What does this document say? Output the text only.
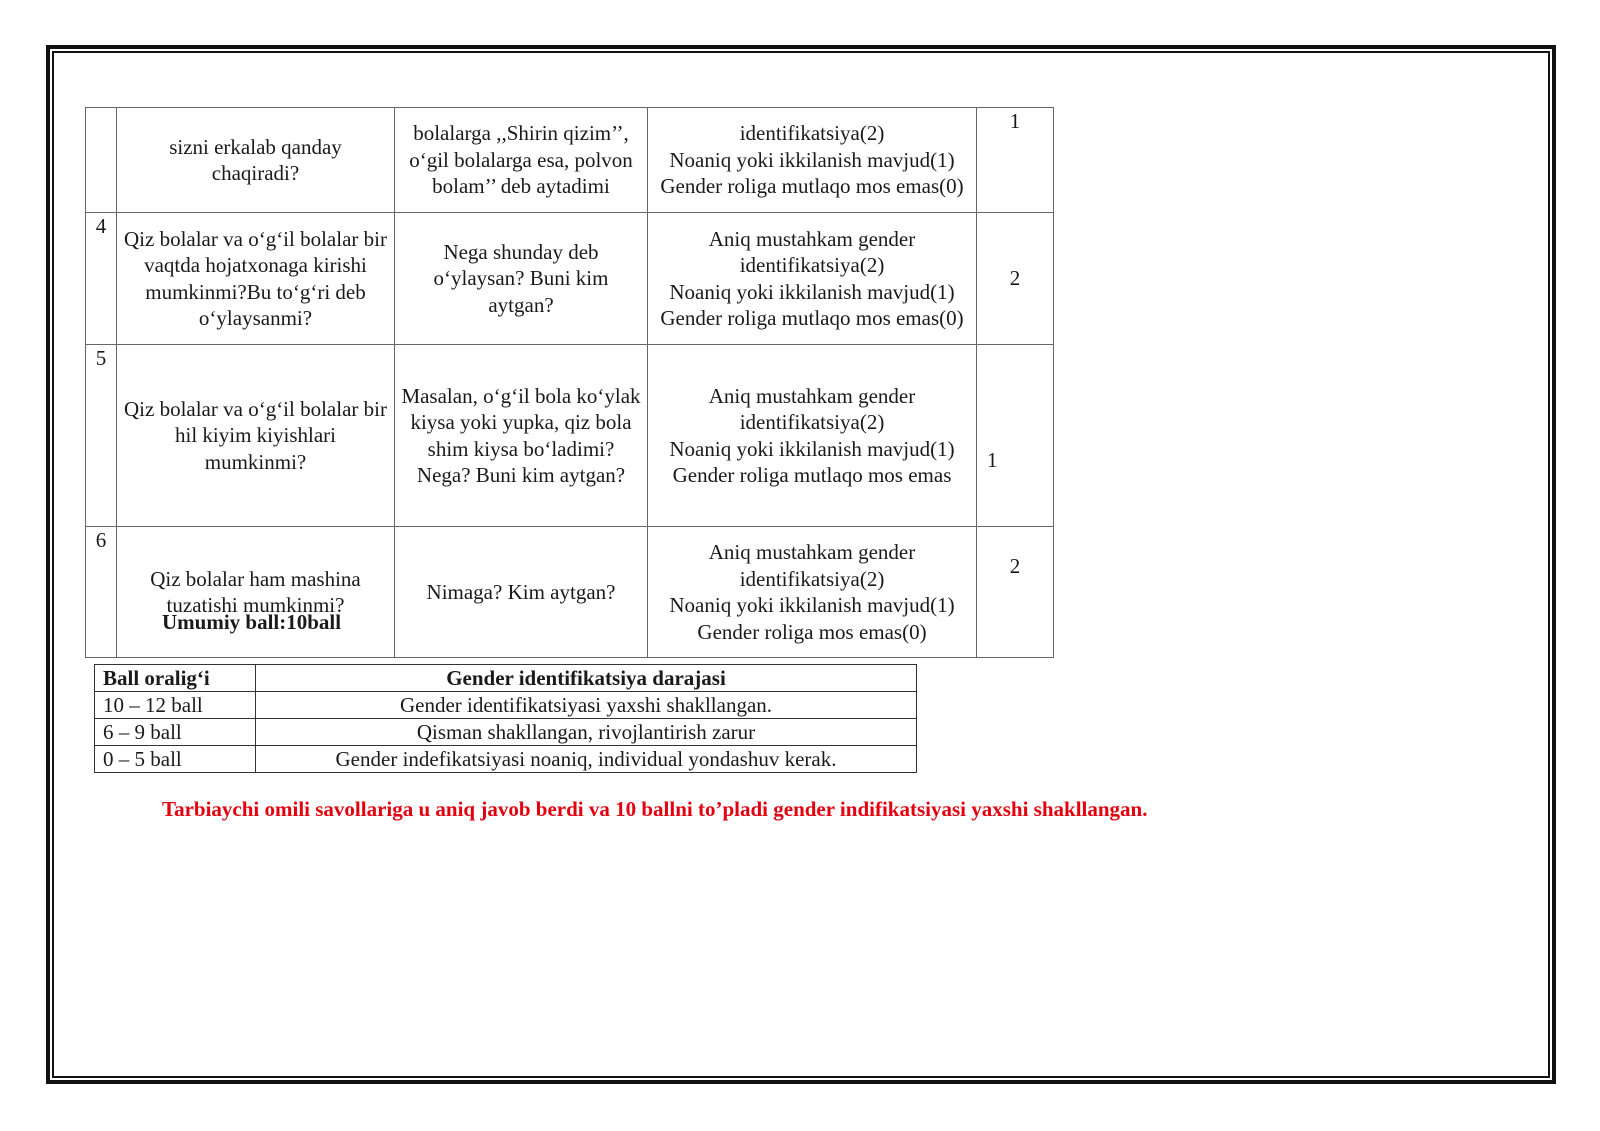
	sizni erkalab qanday chaqiradi?	bolalarga ,,Shirin qizim’’, o‘gil bolalarga esa, polvon bolam’’ deb aytadimi	identifikatsiya(2)
Noaniq yoki ikkilanish mavjud(1)
Gender roliga mutlaqo mos emas(0)	1
4	Qiz bolalar va o‘g‘il bolalar bir vaqtda hojatxonaga kirishi mumkinmi?Bu to‘g‘ri deb o‘ylaysanmi?	Nega shunday deb o‘ylaysan? Buni kim aytgan?	Aniq mustahkam gender identifikatsiya(2)
Noaniq yoki ikkilanish mavjud(1)
Gender roliga mutlaqo mos emas(0)	2
5	Qiz bolalar va o‘g‘il bolalar bir hil kiyim kiyishlari mumkinmi?	Masalan, o‘g‘il bola ko‘ylak kiysa yoki yupka, qiz bola shim kiysa bo‘ladimi? Nega? Buni kim aytgan?	Aniq mustahkam gender identifikatsiya(2)
Noaniq yoki ikkilanish mavjud(1)
Gender roliga mutlaqo mos emas	1
6	Qiz bolalar ham mashina tuzatishi mumkinmi?	Nimaga? Kim aytgan?	Aniq mustahkam gender identifikatsiya(2)
Noaniq yoki ikkilanish mavjud(1)
Gender roliga mos emas(0)	2
Umumiy ball:10ball
Ball oralig‘i	Gender identifikatsiya darajasi
10 – 12 ball	Gender identifikatsiyasi yaxshi shakllangan.
6 – 9 ball	Qisman shakllangan, rivojlantirish zarur
0 – 5 ball	Gender indefikatsiyasi noaniq, individual yondashuv kerak.
Tarbiaychi omili savollariga u aniq javob berdi va 10 ballni to’pladi gender indifikatsiyasi yaxshi shakllangan.
